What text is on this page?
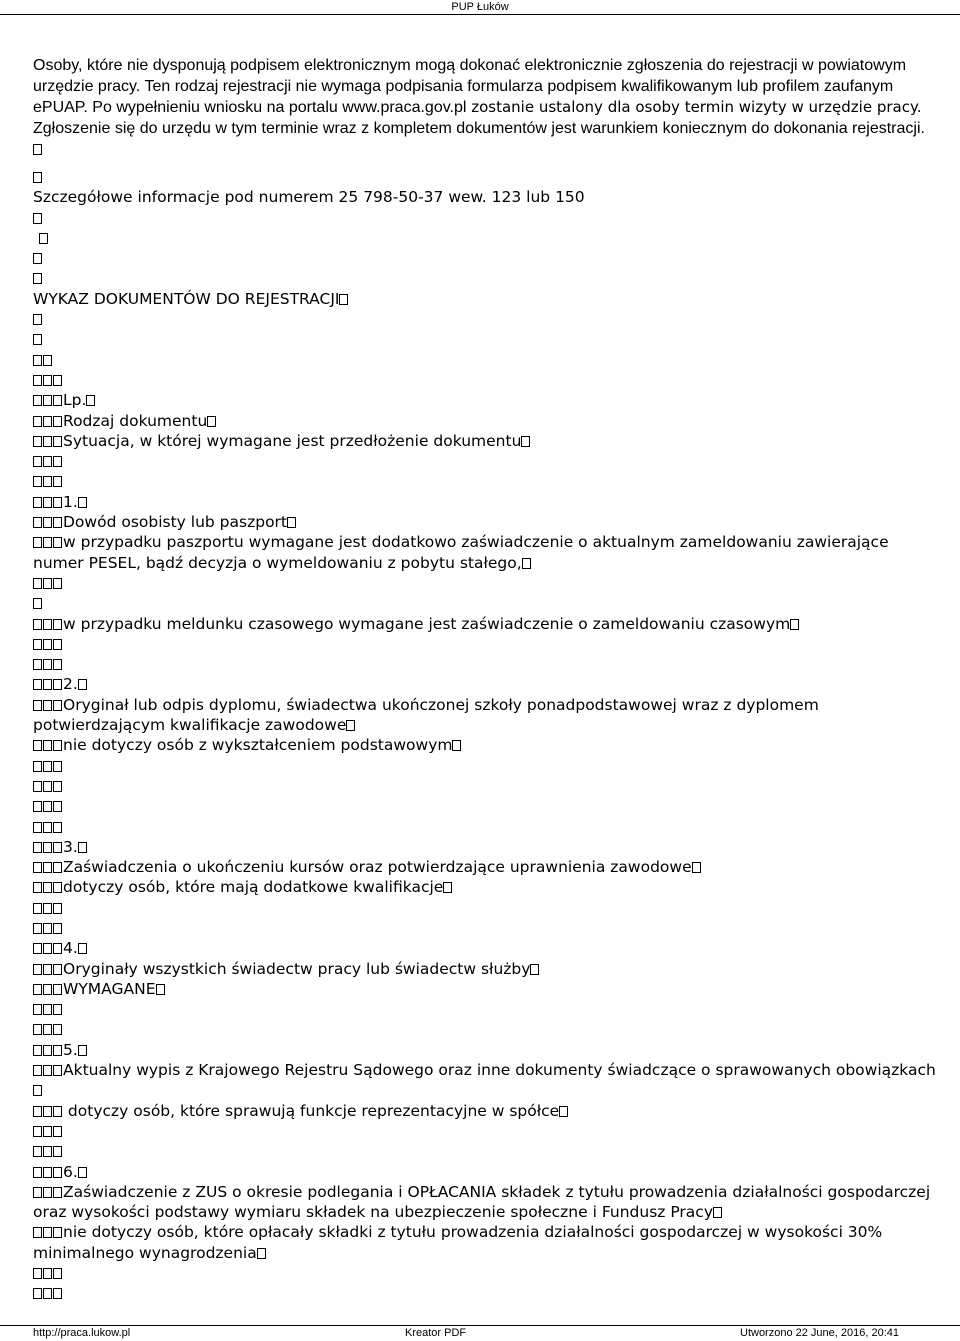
PUP Łuków
Osoby, które nie dysponują podpisem elektronicznym mogą dokonać elektronicznie zgłoszenia do rejestracji w powiatowym urzędzie pracy. Ten rodzaj rejestracji nie wymaga podpisania formularza podpisem kwalifikowanym lub profilem zaufanym ePUAP. Po wypełnieniu wniosku na portalu www.praca.gov.pl zostanie ustalony dla osoby termin wizyty w urzędzie pracy. Zgłoszenie się do urzędu w tym terminie wraz z kompletem dokumentów jest warunkiem koniecznym do dokonania rejestracji.
Szczegółowe informacje pod numerem 25 798-50-37 wew. 123 lub 150
WYKAZ DOKUMENTÓW DO REJESTRACJI
Lp.
Rodzaj dokumentu
Sytuacja, w której wymagane jest przedłożenie dokumentu
1.
Dowód osobisty lub paszport
w przypadku paszportu wymagane jest dodatkowo zaświadczenie o aktualnym zameldowaniu zawierające numer PESEL, bądź decyzja o wymeldowaniu z pobytu stałego,
w przypadku meldunku czasowego wymagane jest zaświadczenie o zameldowaniu czasowym
2.
Oryginał lub odpis dyplomu, świadectwa ukończonej szkoły ponadpodstawowej wraz z dyplomem potwierdzającym kwalifikacje zawodowe
nie dotyczy osób z wykształceniem podstawowym
3.
Zaświadczenia o ukończeniu kursów oraz potwierdzające uprawnienia zawodowe
dotyczy osób, które mają dodatkowe kwalifikacje
4.
Oryginały wszystkich świadectw pracy lub świadectw służby
WYMAGANE
5.
Aktualny wypis z Krajowego Rejestru Sądowego oraz inne dokumenty świadczące o sprawowanych obowiązkach
dotyczy osób, które sprawują funkcje reprezentacyjne w spółce
6.
Zaświadczenie z ZUS o okresie podlegania i OPŁACANIA składek z tytułu prowadzenia działalności gospodarczej oraz wysokości podstawy wymiaru składek na ubezpieczenie społeczne i Fundusz Pracy
nie dotyczy osób, które opłacały składki z tytułu prowadzenia działalności gospodarczej w wysokości 30% minimalnego wynagrodzenia
http://praca.lukow.pl	Kreator PDF	Utworzono 22 June, 2016, 20:41
